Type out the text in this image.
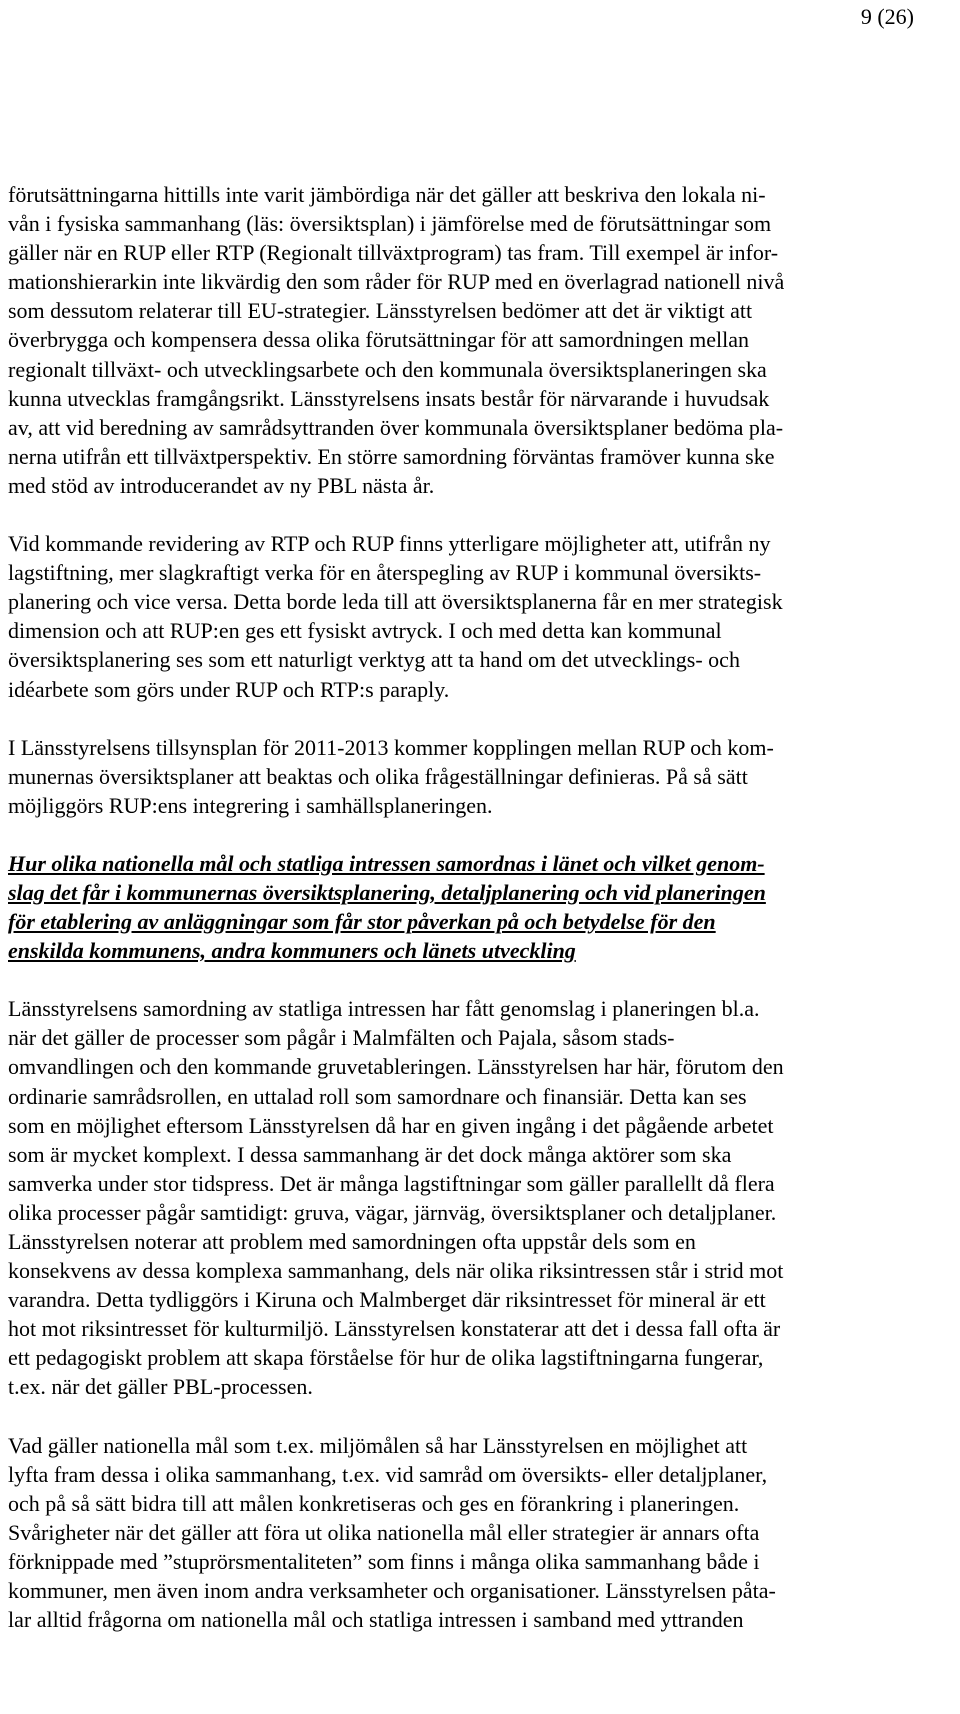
9 (26)
förutsättningarna hittills inte varit jämbördiga när det gäller att beskriva den lokala ni-
vån i fysiska sammanhang (läs: översiktsplan) i jämförelse med de förutsättningar som
gäller när en RUP eller RTP (Regionalt tillväxtprogram) tas fram. Till exempel är infor-
mationshierarkin inte likvärdig den som råder för RUP med en överlagrad nationell nivå
som dessutom relaterar till EU-strategier. Länsstyrelsen bedömer att det är viktigt att
överbrygga och kompensera dessa olika förutsättningar för att samordningen mellan
regionalt tillväxt- och utvecklingsarbete och den kommunala översiktsplaneringen ska
kunna utvecklas framgångsrikt. Länsstyrelsens insats består för närvarande i huvudsak
av, att vid beredning av samrådsyttranden över kommunala översiktsplaner bedöma pla-
nerna utifrån ett tillväxtperspektiv. En större samordning förväntas framöver kunna ske
med stöd av introducerandet av ny PBL nästa år.
Vid kommande revidering av RTP och RUP finns ytterligare möjligheter att, utifrån ny
lagstiftning, mer slagkraftigt verka för en återspegling av RUP i kommunal översikts-
planering och vice versa. Detta borde leda till att översiktsplanerna får en mer strategisk
dimension och att RUP:en ges ett fysiskt avtryck. I och med detta kan kommunal
översiktsplanering ses som ett naturligt verktyg att ta hand om det utvecklings- och
idéarbete som görs under RUP och RTP:s paraply.
I Länsstyrelsens tillsynsplan för 2011-2013 kommer kopplingen mellan RUP och kom-
munernas översiktsplaner att beaktas och olika frågeställningar definieras. På så sätt
möjliggörs RUP:ens integrering i samhällsplaneringen.
Hur olika nationella mål och statliga intressen samordnas i länet och vilket genom-
slag det får i kommunernas översiktsplanering, detaljplanering och vid planeringen
för etablering av anläggningar som får stor påverkan på och betydelse för den
enskilda kommunens, andra kommuners och länets utveckling
Länsstyrelsens samordning av statliga intressen har fått genomslag i planeringen bl.a.
när det gäller de processer som pågår i Malmfälten och Pajala, såsom stads-
omvandlingen och den kommande gruvetableringen. Länsstyrelsen har här, förutom den
ordinarie samrådsrollen, en uttalad roll som samordnare och finansiär. Detta kan ses
som en möjlighet eftersom Länsstyrelsen då har en given ingång i det pågående arbetet
som är mycket komplext. I dessa sammanhang är det dock många aktörer som ska
samverka under stor tidspress. Det är många lagstiftningar som gäller parallellt då flera
olika processer pågår samtidigt: gruva, vägar, järnväg, översiktsplaner och detaljplaner.
Länsstyrelsen noterar att problem med samordningen ofta uppstår dels som en
konsekvens av dessa komplexa sammanhang, dels när olika riksintressen står i strid mot
varandra. Detta tydliggörs i Kiruna och Malmberget där riksintresset för mineral är ett
hot mot riksintresset för kulturmiljö. Länsstyrelsen konstaterar att det i dessa fall ofta är
ett pedagogiskt problem att skapa förståelse för hur de olika lagstiftningarna fungerar,
t.ex. när det gäller PBL-processen.
Vad gäller nationella mål som t.ex. miljömålen så har Länsstyrelsen en möjlighet att
lyfta fram dessa i olika sammanhang, t.ex. vid samråd om översikts- eller detaljplaner,
och på så sätt bidra till att målen konkretiseras och ges en förankring i planeringen.
Svårigheter när det gäller att föra ut olika nationella mål eller strategier är annars ofta
förknippade med ”stuprörsmentaliteten” som finns i många olika sammanhang både i
kommuner, men även inom andra verksamheter och organisationer. Länsstyrelsen påta-
lar alltid frågorna om nationella mål och statliga intressen i samband med yttranden
